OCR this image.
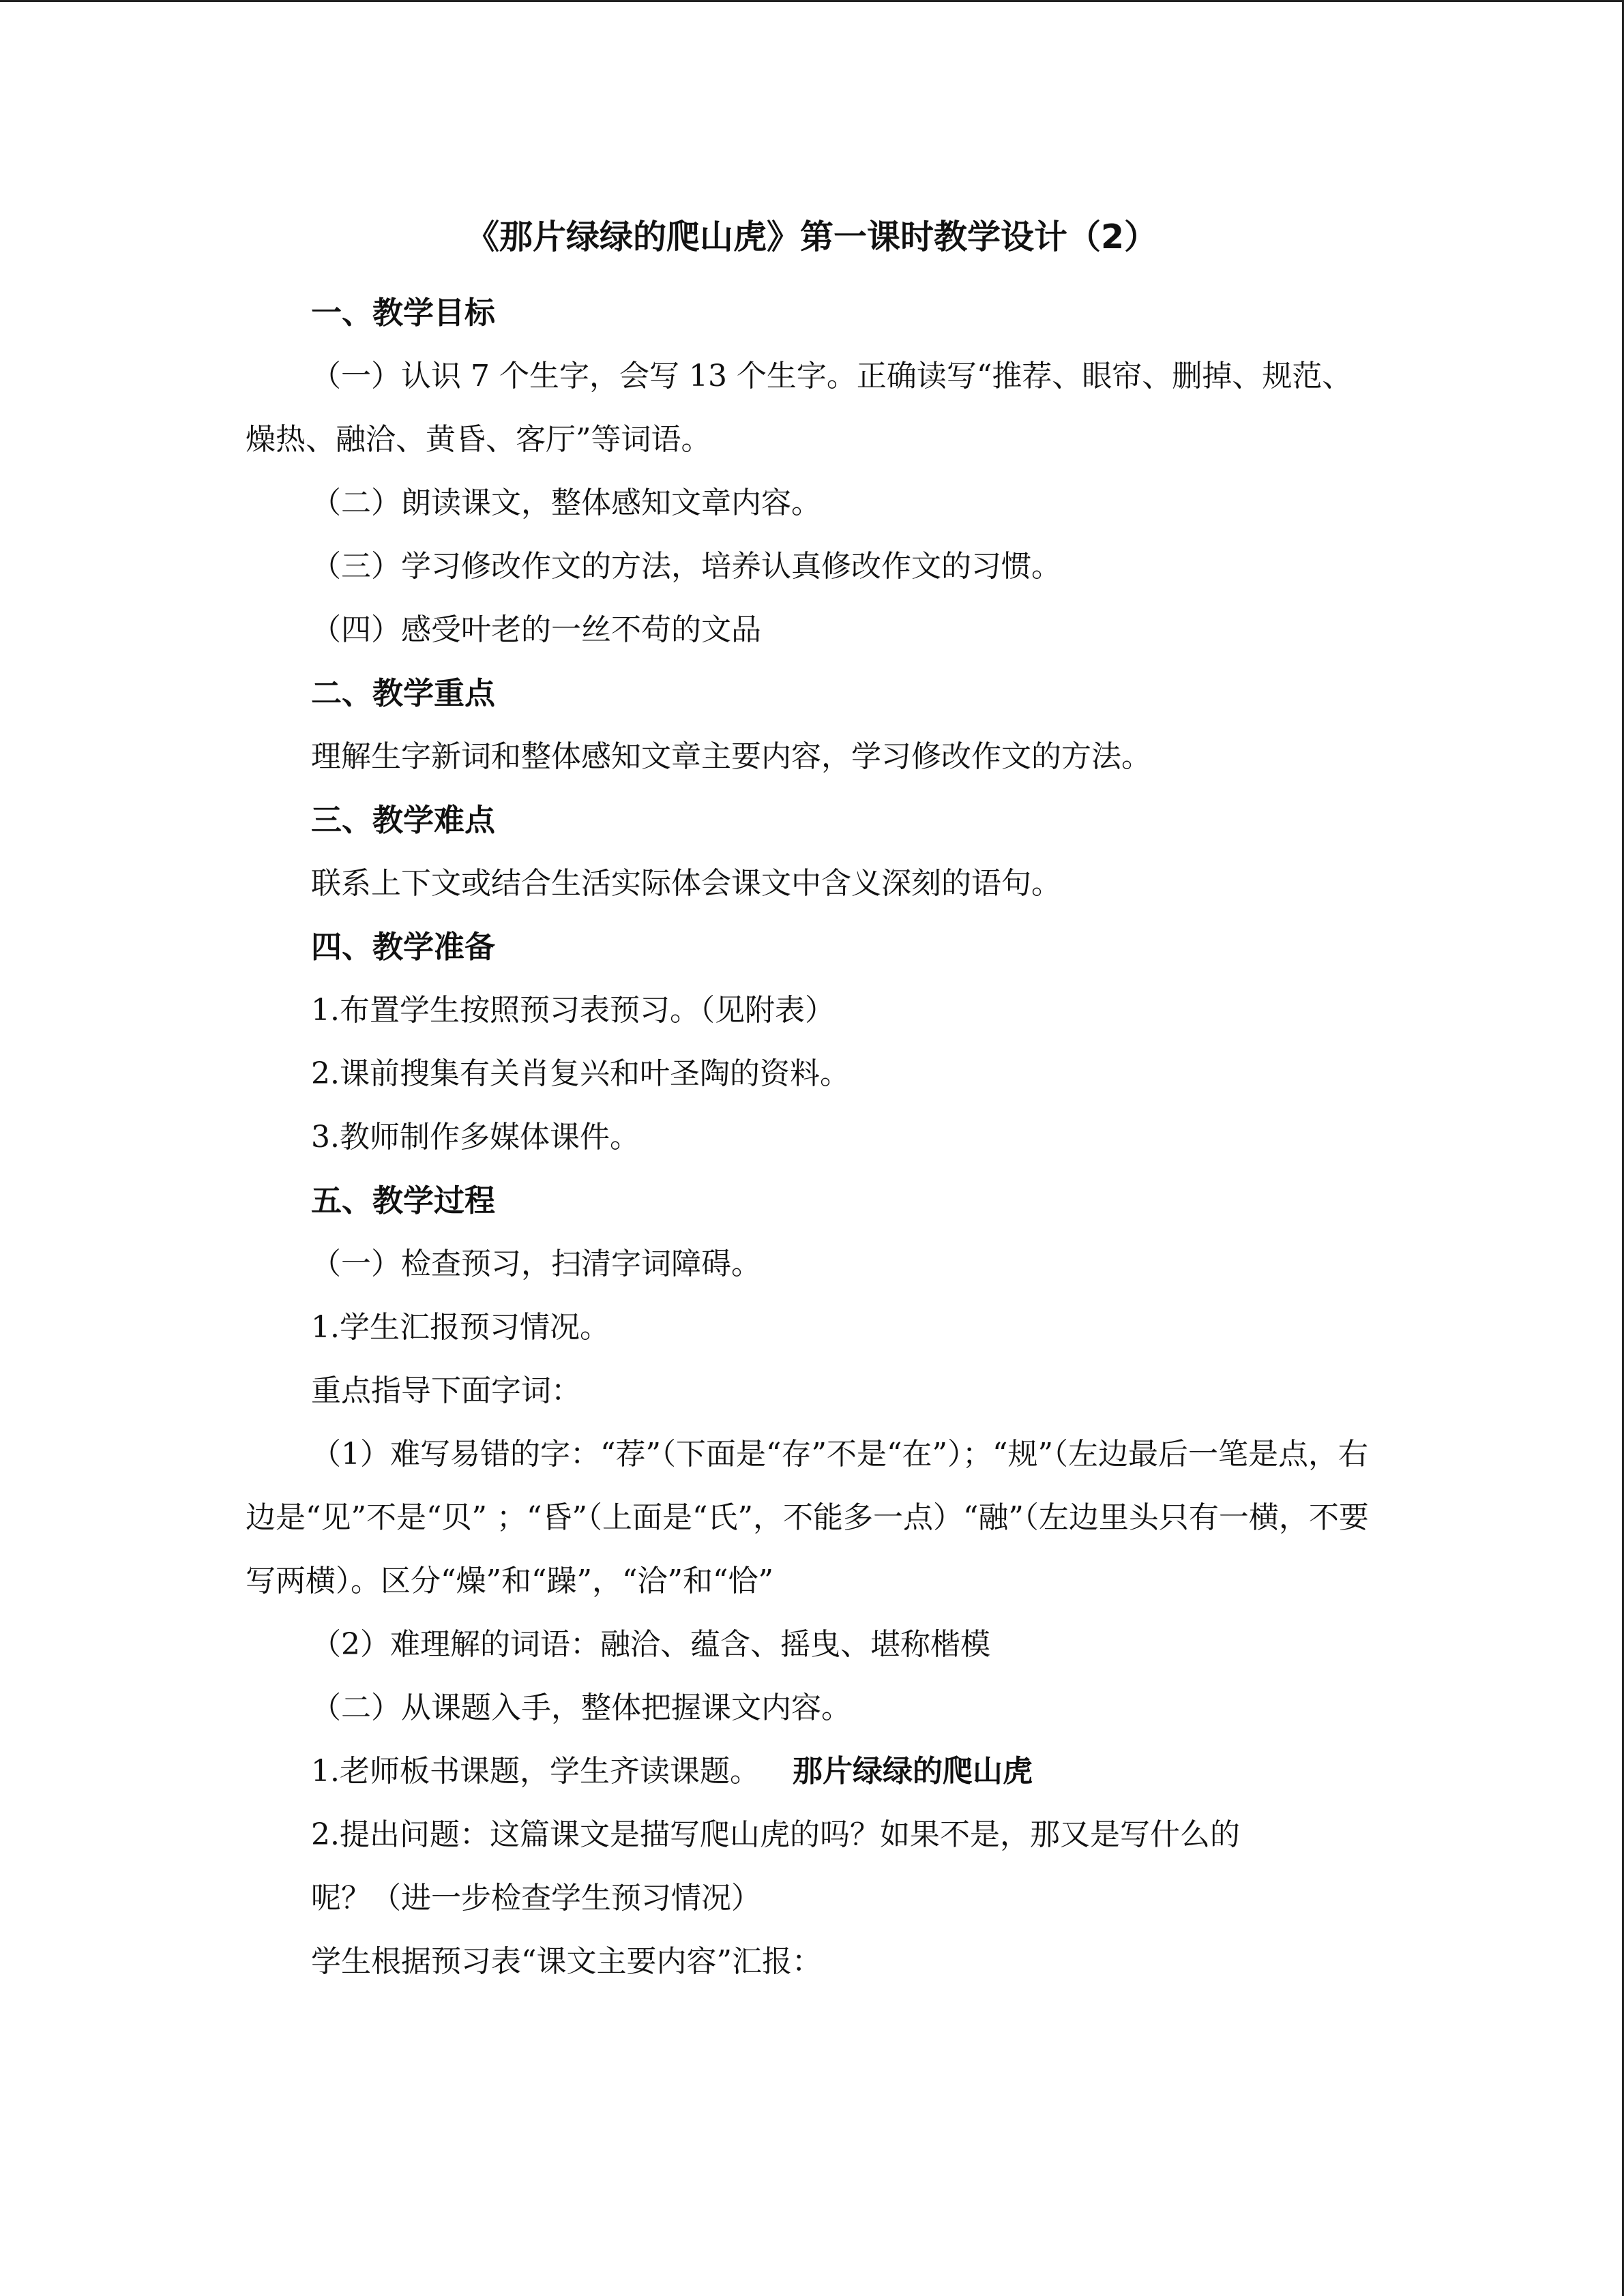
《那片绿绿的爬山虎》第一课时教学设计（2）

一、教学目标

（一）认识 7 个生字，会写 13 个生字。正确读写“推荐、眼帘、删掉、规范、燥热、融洽、黄昏、客厅”等词语。

（二）朗读课文，整体感知文章内容。

（三）学习修改作文的方法，培养认真修改作文的习惯。

（四）感受叶老的一丝不苟的文品

二、教学重点

理解生字新词和整体感知文章主要内容，学习修改作文的方法。

三、教学难点

联系上下文或结合生活实际体会课文中含义深刻的语句。

四、教学准备

1.布置学生按照预习表预习。（见附表）

2.课前搜集有关肖复兴和叶圣陶的资料。

3.教师制作多媒体课件。

五、教学过程

（一）检查预习，扫清字词障碍。

1.学生汇报预习情况。

重点指导下面字词：

（1）难写易错的字：“荐”（下面是“存”不是“在”）；“规”（左边最后一笔是点，右边是“见”不是“贝” ；“昏”（上面是“氏”，不能多一点）“融”（左边里头只有一横，不要写两横）。区分“燥”和“躁”，“洽”和“恰”

（2）难理解的词语：融洽、蕴含、摇曳、堪称楷模

（二）从课题入手，整体把握课文内容。

1.老师板书课题，学生齐读课题。 那片绿绿的爬山虎

2.提出问题：这篇课文是描写爬山虎的吗？如果不是，那又是写什么的

呢？（进一步检查学生预习情况）

学生根据预习表“课文主要内容”汇报：
